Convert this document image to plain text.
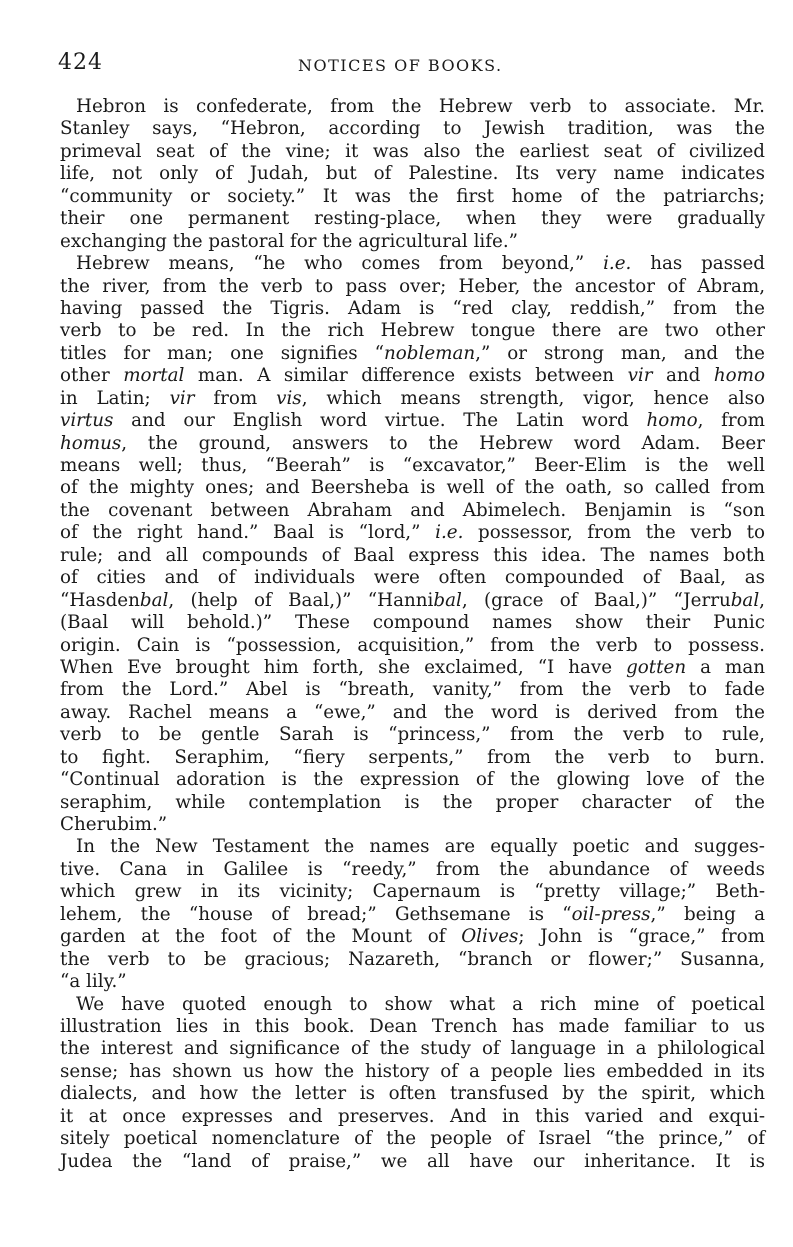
424	NOTICES OF BOOKS.
Hebron is confederate, from the Hebrew verb to associate. Mr.
Stanley says, “Hebron, according to Jewish tradition, was the
primeval seat of the vine; it was also the earliest seat of civilized
life, not only of Judah, but of Palestine. Its very name indicates
“community or society.” It was the first home of the patriarchs;
their one permanent resting-place, when they were gradually
exchanging the pastoral for the agricultural life.”
Hebrew means, “he who comes from beyond,” i.e. has passed
the river, from the verb to pass over; Heber, the ancestor of Abram,
having passed the Tigris. Adam is “red clay, reddish,” from the
verb to be red. In the rich Hebrew tongue there are two other
titles for man; one signifies “nobleman,” or strong man, and the
other mortal man. A similar difference exists between vir and homo
in Latin; vir from vis, which means strength, vigor, hence also
virtus and our English word virtue. The Latin word homo, from
homus, the ground, answers to the Hebrew word Adam. Beer
means well; thus, “Beerah” is “excavator,” Beer-Elim is the well
of the mighty ones; and Beersheba is well of the oath, so called from
the covenant between Abraham and Abimelech. Benjamin is “son
of the right hand.” Baal is “lord,” i.e. possessor, from the verb to
rule; and all compounds of Baal express this idea. The names both
of cities and of individuals were often compounded of Baal, as
“Hasdenbal, (help of Baal,)” “Hannibal, (grace of Baal,)” “Jerrubal,
(Baal will behold.)” These compound names show their Punic
origin. Cain is “possession, acquisition,” from the verb to possess.
When Eve brought him forth, she exclaimed, “I have gotten a man
from the Lord.” Abel is “breath, vanity,” from the verb to fade
away. Rachel means a “ewe,” and the word is derived from the
verb to be gentle Sarah is “princess,” from the verb to rule,
to fight. Seraphim, “fiery serpents,” from the verb to burn.
“Continual adoration is the expression of the glowing love of the
seraphim, while contemplation is the proper character of the
Cherubim.”
In the New Testament the names are equally poetic and sugges-
tive. Cana in Galilee is “reedy,” from the abundance of weeds
which grew in its vicinity; Capernaum is “pretty village;” Beth-
lehem, the “house of bread;” Gethsemane is “oil-press,” being a
garden at the foot of the Mount of Olives; John is “grace,” from
the verb to be gracious; Nazareth, “branch or flower;” Susanna,
“a lily.”
We have quoted enough to show what a rich mine of poetical
illustration lies in this book. Dean Trench has made familiar to us
the interest and significance of the study of language in a philological
sense; has shown us how the history of a people lies embedded in its
dialects, and how the letter is often transfused by the spirit, which
it at once expresses and preserves. And in this varied and exqui-
sitely poetical nomenclature of the people of Israel “the prince,” of
Judea the “land of praise,” we all have our inheritance. It is
